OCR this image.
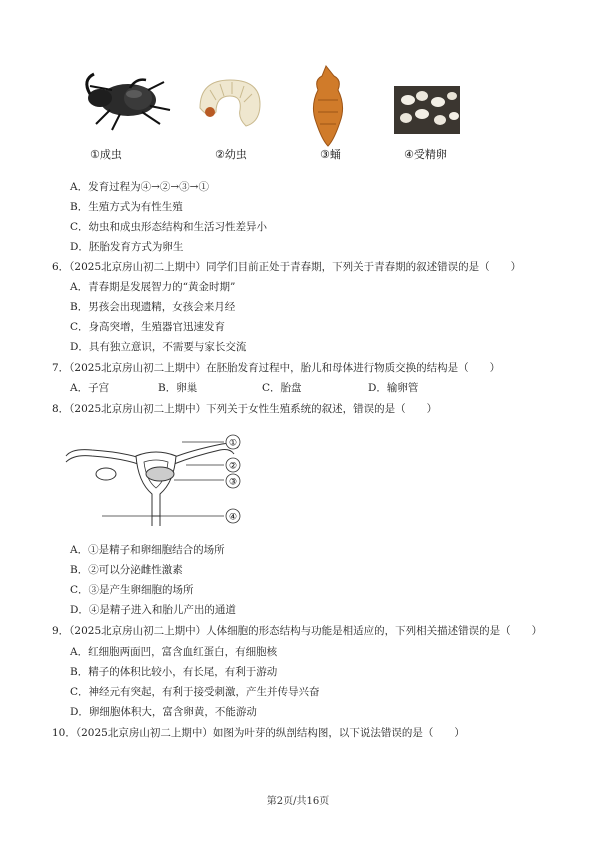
①成虫	②幼虫	③蛹	④受精卵
A．发育过程为④→②→③→①
B．生殖方式为有性生殖
C．幼虫和成虫形态结构和生活习性差异小
D．胚胎发育方式为卵生
6．（2025北京房山初二上期中）同学们目前正处于青春期，下列关于青春期的叙述错误的是（　　）
A．青春期是发展智力的“黄金时期”
B．男孩会出现遗精，女孩会来月经
C．身高突增，生殖器官迅速发育
D．具有独立意识，不需要与家长交流
7．（2025北京房山初二上期中）在胚胎发育过程中，胎儿和母体进行物质交换的结构是（　　）
A．子宫	B．卵巢	C．胎盘	D．输卵管
8．（2025北京房山初二上期中）下列关于女性生殖系统的叙述，错误的是（　　）
①
②
③
④
A．①是精子和卵细胞结合的场所
B．②可以分泌雌性激素
C．③是产生卵细胞的场所
D．④是精子进入和胎儿产出的通道
9．（2025北京房山初二上期中）人体细胞的形态结构与功能是相适应的，下列相关描述错误的是（　　）
A．红细胞两面凹，富含血红蛋白，有细胞核
B．精子的体积比较小，有长尾，有利于游动
C．神经元有突起，有利于接受刺激，产生并传导兴奋
D．卵细胞体积大，富含卵黄，不能游动
10．（2025北京房山初二上期中）如图为叶芽的纵剖结构图，以下说法错误的是（　　）
第2页/共16页
